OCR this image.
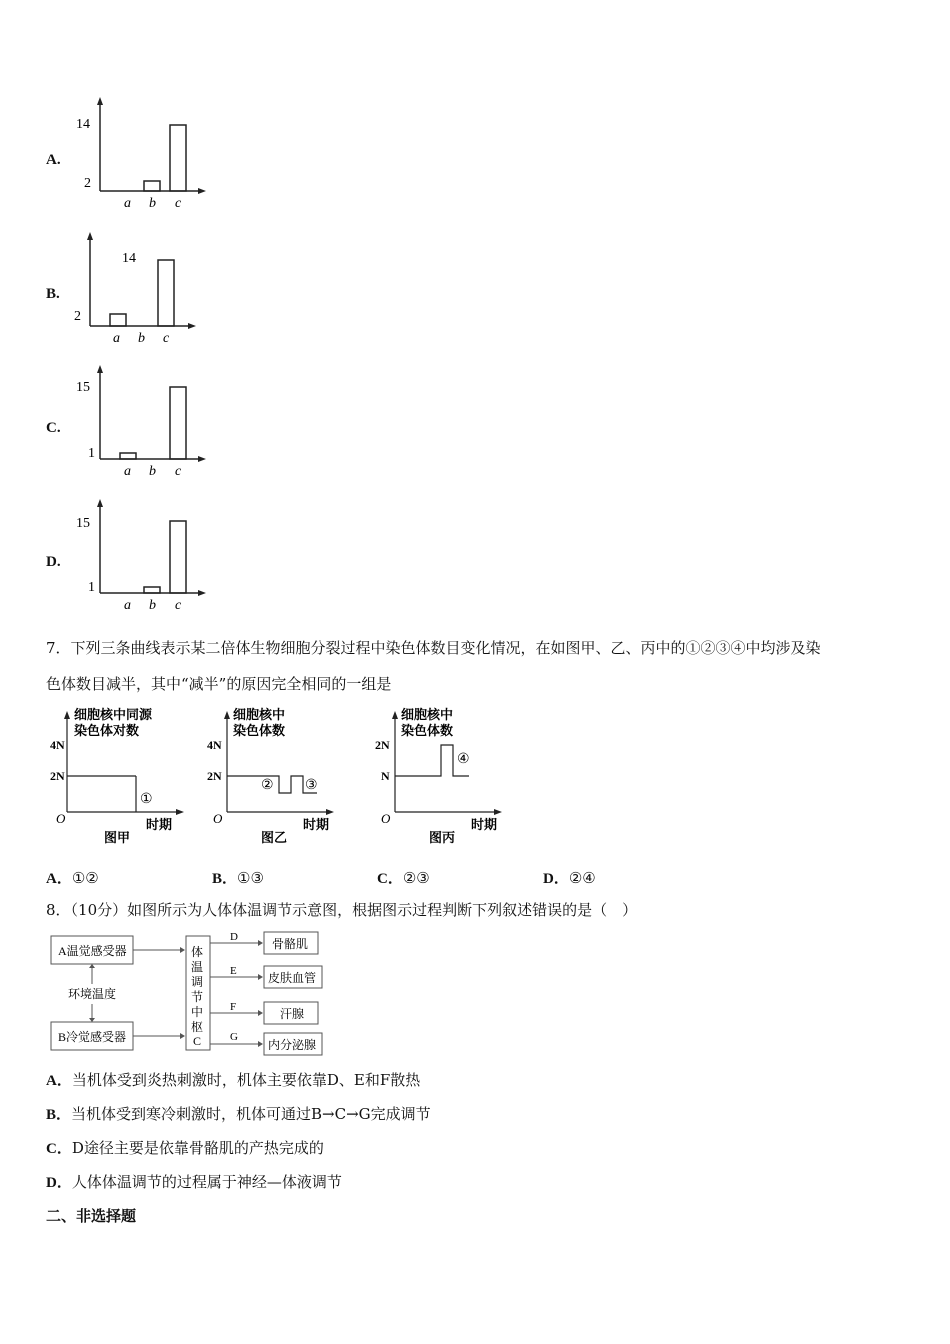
A.
14
2
a b c
B.
14
2
a b c
C.
15
1
a b c
D.
15
1
a b c
7．下列三条曲线表示某二倍体生物细胞分裂过程中染色体数目变化情况，在如图甲、乙、丙中的①②③④中均涉及染
色体数目减半，其中“减半”的原因完全相同的一组是
细胞核中同源
染色体对数
4N
2N
①
O	时期
图甲
细胞核中
染色体数
4N
2N
② ③
O	时期
图乙
细胞核中
染色体数
2N
N
④
O	时期
图丙
A．①②	B．①③	C．②③	D．②④
8．（10分）如图所示为人体体温调节示意图，根据图示过程判断下列叙述错误的是（　）
A温觉感受器
B冷觉感受器
环境温度
体
温
调
节
中
枢
C
D
E
F
G
骨骼肌
皮肤血管
汗腺
内分泌腺
A．当机体受到炎热刺激时，机体主要依靠D、E和F散热
B．当机体受到寒冷刺激时，机体可通过B→C→G完成调节
C．D途径主要是依靠骨骼肌的产热完成的
D．人体体温调节的过程属于神经—体液调节
二、非选择题
